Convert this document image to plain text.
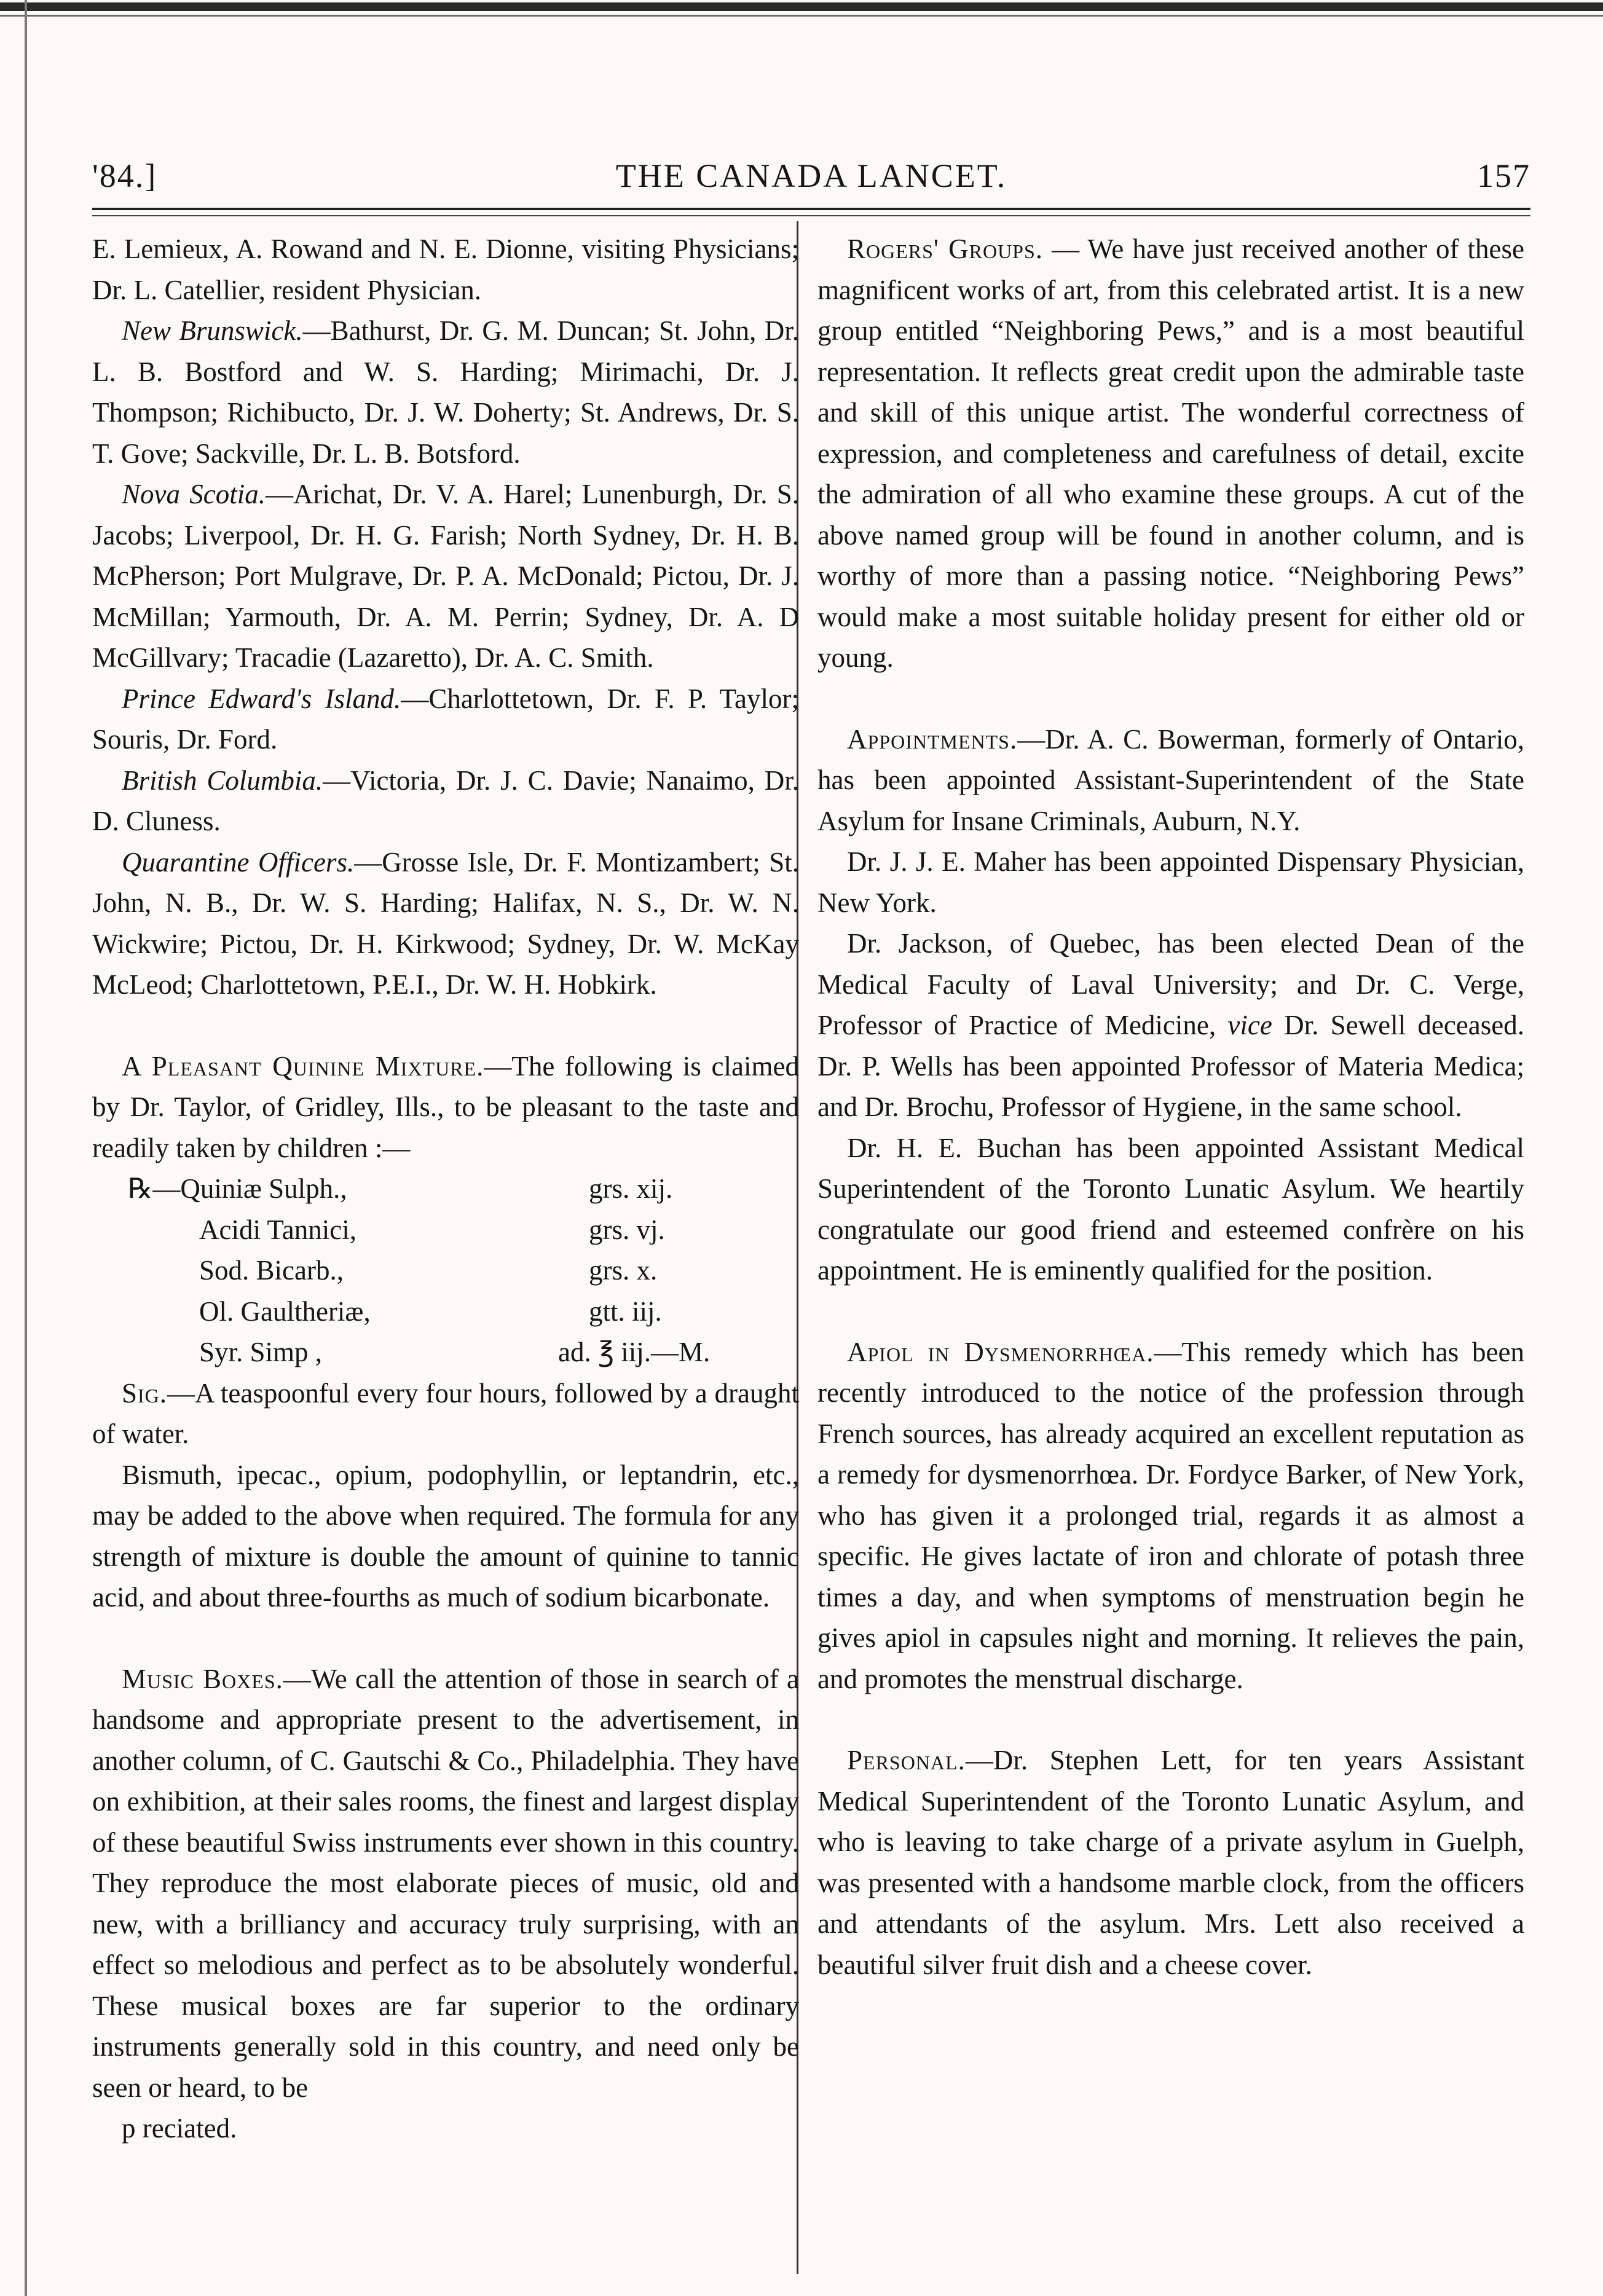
'84.]	THE CANADA LANCET.	157

E. Lemieux, A. Rowand and N. E. Dionne, visiting Physicians; Dr. L. Catellier, resident Physician.

New Brunswick.—Bathurst, Dr. G. M. Duncan; St. John, Dr. L. B. Bostford and W. S. Harding; Mirimachi, Dr. J. Thompson; Richibucto, Dr. J. W. Doherty; St. Andrews, Dr. S. T. Gove; Sackville, Dr. L. B. Botsford.

Nova Scotia.—Arichat, Dr. V. A. Harel; Lunenburgh, Dr. S. Jacobs; Liverpool, Dr. H. G. Farish; North Sydney, Dr. H. B. McPherson; Port Mulgrave, Dr. P. A. McDonald; Pictou, Dr. J. McMillan; Yarmouth, Dr. A. M. Perrin; Sydney, Dr. A. D McGillvary; Tracadie (Lazaretto), Dr. A. C. Smith.

Prince Edward's Island.—Charlottetown, Dr. F. P. Taylor; Souris, Dr. Ford.

British Columbia.—Victoria, Dr. J. C. Davie; Nanaimo, Dr. D. Cluness.

Quarantine Officers.—Grosse Isle, Dr. F. Montizambert; St. John, N. B., Dr. W. S. Harding; Halifax, N. S., Dr. W. N. Wickwire; Pictou, Dr. H. Kirkwood; Sydney, Dr. W. McKay McLeod; Charlottetown, P.E.I., Dr. W. H. Hobkirk.

A Pleasant Quinine Mixture.—The following is claimed by Dr. Taylor, of Gridley, Ills., to be pleasant to the taste and readily taken by children :—

℞—Quiniæ Sulph.,	grs. xij.
Acidi Tannici,	grs. vj.
Sod. Bicarb.,	grs. x.
Ol. Gaultheriæ,	gtt. iij.
Syr. Simp ,	ad. ℥ iij.—M.

Sig.—A teaspoonful every four hours, followed by a draught of water.

Bismuth, ipecac., opium, podophyllin, or leptandrin, etc., may be added to the above when required. The formula for any strength of mixture is double the amount of quinine to tannic acid, and about three-fourths as much of sodium bicarbonate.

Music Boxes.—We call the attention of those in search of a handsome and appropriate present to the advertisement, in another column, of C. Gautschi & Co., Philadelphia. They have on exhibition, at their sales rooms, the finest and largest display of these beautiful Swiss instruments ever shown in this country. They reproduce the most elaborate pieces of music, old and new, with a brilliancy and accuracy truly surprising, with an effect so melodious and perfect as to be absolutely wonderful. These musical boxes are far superior to the ordinary instruments generally sold in this country, and need only be seen or heard, to be

p reciated.

Rogers' Groups. — We have just received another of these magnificent works of art, from this celebrated artist. It is a new group entitled “Neighboring Pews,” and is a most beautiful representation. It reflects great credit upon the admirable taste and skill of this unique artist. The wonderful correctness of expression, and completeness and carefulness of detail, excite the admiration of all who examine these groups. A cut of the above named group will be found in another column, and is worthy of more than a passing notice. “Neighboring Pews” would make a most suitable holiday present for either old or young.

Appointments.—Dr. A. C. Bowerman, formerly of Ontario, has been appointed Assistant-Superintendent of the State Asylum for Insane Criminals, Auburn, N.Y.

Dr. J. J. E. Maher has been appointed Dispensary Physician, New York.

Dr. Jackson, of Quebec, has been elected Dean of the Medical Faculty of Laval University; and Dr. C. Verge, Professor of Practice of Medicine, vice Dr. Sewell deceased. Dr. P. Wells has been appointed Professor of Materia Medica; and Dr. Brochu, Professor of Hygiene, in the same school.

Dr. H. E. Buchan has been appointed Assistant Medical Superintendent of the Toronto Lunatic Asylum. We heartily congratulate our good friend and esteemed confrère on his appointment. He is eminently qualified for the position.

Apiol in Dysmenorrhœa.—This remedy which has been recently introduced to the notice of the profession through French sources, has already acquired an excellent reputation as a remedy for dysmenorrhœa. Dr. Fordyce Barker, of New York, who has given it a prolonged trial, regards it as almost a specific. He gives lactate of iron and chlorate of potash three times a day, and when symptoms of menstruation begin he gives apiol in capsules night and morning. It relieves the pain, and promotes the menstrual discharge.

Personal.—Dr. Stephen Lett, for ten years Assistant Medical Superintendent of the Toronto Lunatic Asylum, and who is leaving to take charge of a private asylum in Guelph, was presented with a handsome marble clock, from the officers and attendants of the asylum. Mrs. Lett also received a beautiful silver fruit dish and a cheese cover.
